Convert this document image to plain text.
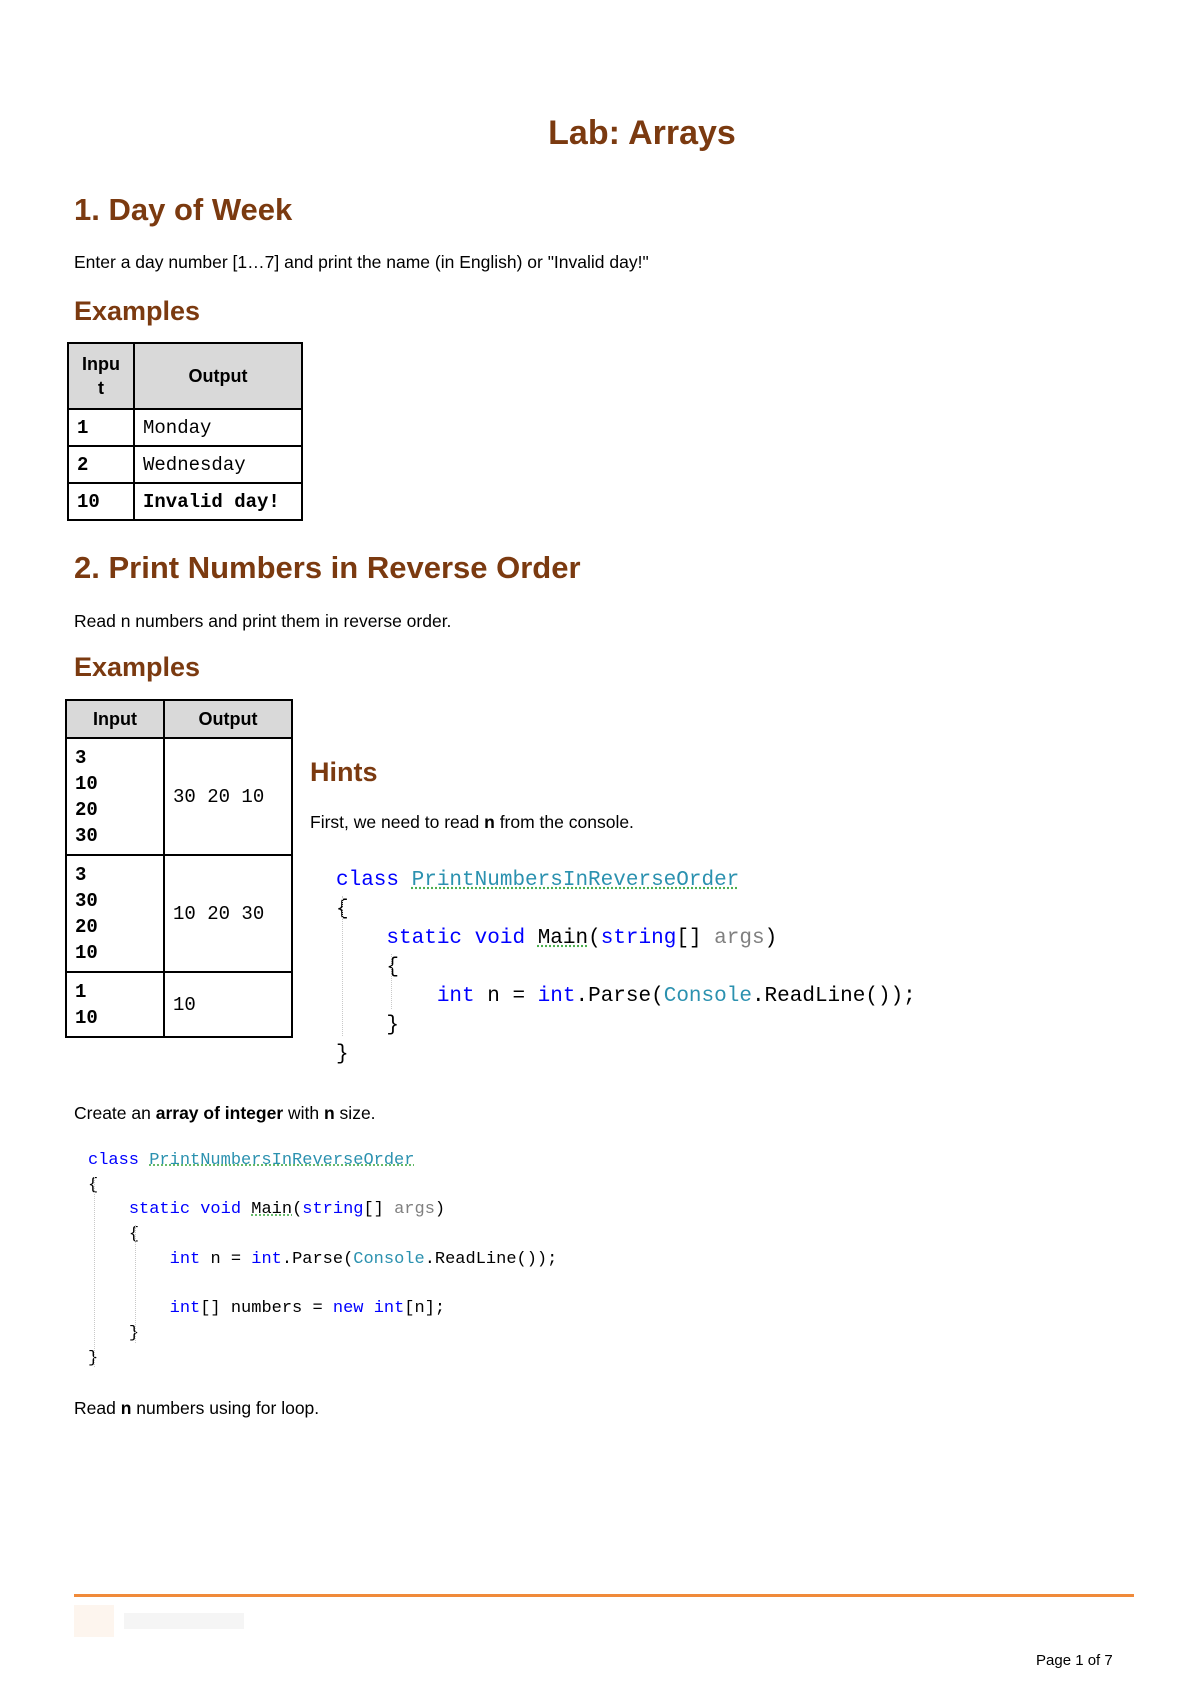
Lab: Arrays
1. Day of Week
Enter a day number [1…7] and print the name (in English) or "Invalid day!"
Examples
Inpu t	Output
1	Monday
2	Wednesday
10	Invalid day!
2. Print Numbers in Reverse Order
Read n numbers and print them in reverse order.
Examples
Input	Output

3
10
20
30	30 20 10

3
30
20
10	10 20 30

1
10	10
Hints
First, we need to read n from the console.
class PrintNumbersInReverseOrder
{
static void Main(string[] args)
{
int n = int.Parse(Console.ReadLine());
}
}
Create an array of integer with n size.
class PrintNumbersInReverseOrder
{
static void Main(string[] args)
{
int n = int.Parse(Console.ReadLine());

int[] numbers = new int[n];
}
}
Read n numbers using for loop.
Page 1 of 7
